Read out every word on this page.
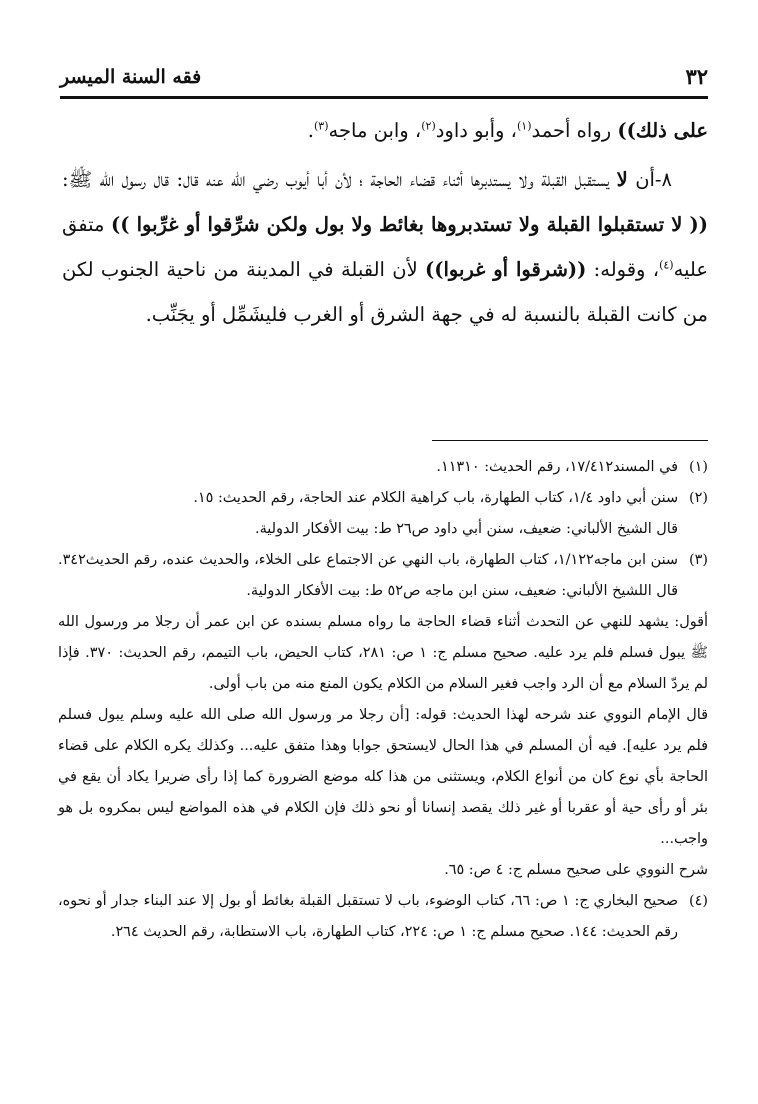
٣٢
فقه السنة الميسر

على ذلك)) رواه أحمد$^{(١)}$، وأبو داود$^{(٢)}$، وابن ماجه$^{(٣)}$.

٨-أن لا يستقبل القبلة ولا يستدبرها أثناء قضاء الحاجة ؛ لأن أبا أيوب رضي الله عنه قال: قال رسول الله ﷺ: (( لا تستقبلوا القبلة ولا تستدبروها بغائط ولا بول ولكن شرِّقوا أو غرِّبوا )) متفق عليه$^{(٤)}$، وقوله: ((شرقوا أو غربوا)) لأن القبلة في المدينة من ناحية الجنوب لكن من كانت القبلة بالنسبة له في جهة الشرق أو الغرب فليشَمِّل أو يجَنِّب.

(١)
في المسند١٧/٤١٢، رقم الحديث: ١١٣١٠.

(٢)
سنن أبي داود ١/٤، كتاب الطهارة، باب كراهية الكلام عند الحاجة، رقم الحديث: ١٥.

قال الشيخ الألباني: ضعيف، سنن أبي داود ص٢٦ ط: بيت الأفكار الدولية.

(٣)
سنن ابن ماجه١/١٢٢، كتاب الطهارة، باب النهي عن الاجتماع على الخلاء، والحديث عنده، رقم الحديث٣٤٢. قال اللشيخ الألباني: ضعيف، سنن ابن ماجه ص٥٢ ط: بيت الأفكار الدولية.

أقول: يشهد للنهي عن التحدث أثناء قضاء الحاجة ما رواه مسلم بسنده عن ابن عمر أن رجلا مر ورسول الله ﷺ يبول فسلم فلم يرد عليه. صحيح مسلم ج: ١ ص: ٢٨١، كتاب الحيض، باب التيمم، رقم الحديث: ٣٧٠. فإذا لم يردّ السلام مع أن الرد واجب فغير السلام من الكلام يكون المنع منه من باب أولى.

قال الإمام النووي عند شرحه لهذا الحديث: قوله: [أن رجلا مر ورسول الله صلى الله عليه وسلم يبول فسلم فلم يرد عليه]. فيه أن المسلم في هذا الحال لايستحق جوابا وهذا متفق عليه... وكذلك يكره الكلام على قضاء الحاجة بأي نوع كان من أنواع الكلام، ويستثنى من هذا كله موضع الضرورة كما إذا رأى ضريرا يكاد أن يقع في بئر أو رأى حية أو عقربا أو غير ذلك يقصد إنسانا أو نحو ذلك فإن الكلام في هذه المواضع ليس بمكروه بل هو واجب...

شرح النووي على صحيح مسلم ج: ٤ ص: ٦٥.

(٤)
صحيح البخاري ج: ١ ص: ٦٦، كتاب الوضوء، باب لا تستقبل القبلة بغائط أو بول إلا عند البناء جدار أو نحوه، رقم الحديث: ١٤٤. صحيح مسلم ج: ١ ص: ٢٢٤، كتاب الطهارة، باب الاستطابة، رقم الحديث ٢٦٤.
